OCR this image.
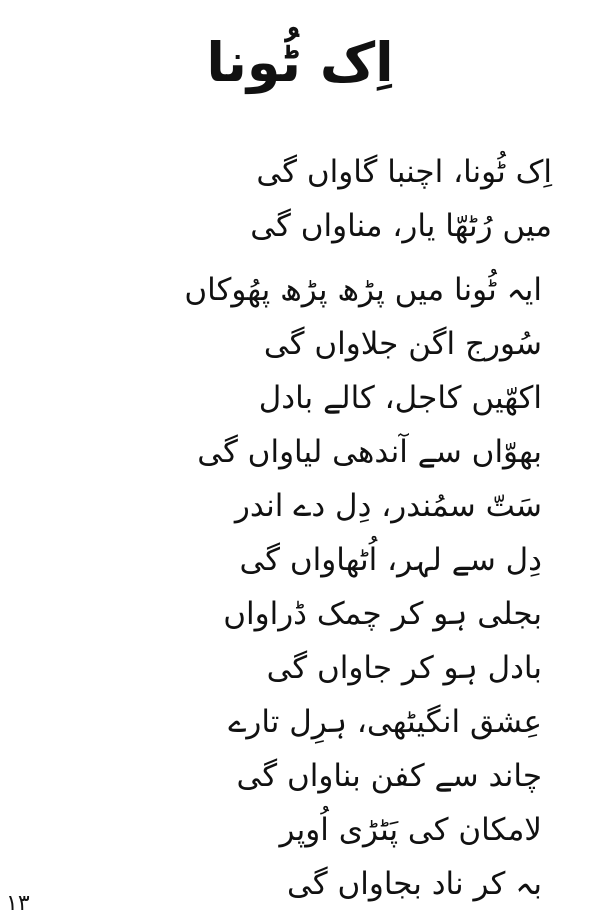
اِک ٹُونا
اِک ٹُونا، اچنبا گاواں گی
میں رُٹھّا یار، مناواں گی
ایہ ٹُونا میں پڑھ پڑھ پھُوکاں
سُورج اگن جلاواں گی
اکھّیں کاجل، کالے بادل
بھوّاں سے آندھی لیاواں گی
سَتّ سمُندر، دِل دے اندر
دِل سے لہر، اُٹھاواں گی
بجلی ہو کر چمک ڈراواں
بادل ہو کر جاواں گی
عِشق انگیٹھی، ہرِل تارے
چاند سے کفن بناواں گی
لامکان کی پَٹڑی اُوپر
بہ کر ناد بجاواں گی
۱۳
